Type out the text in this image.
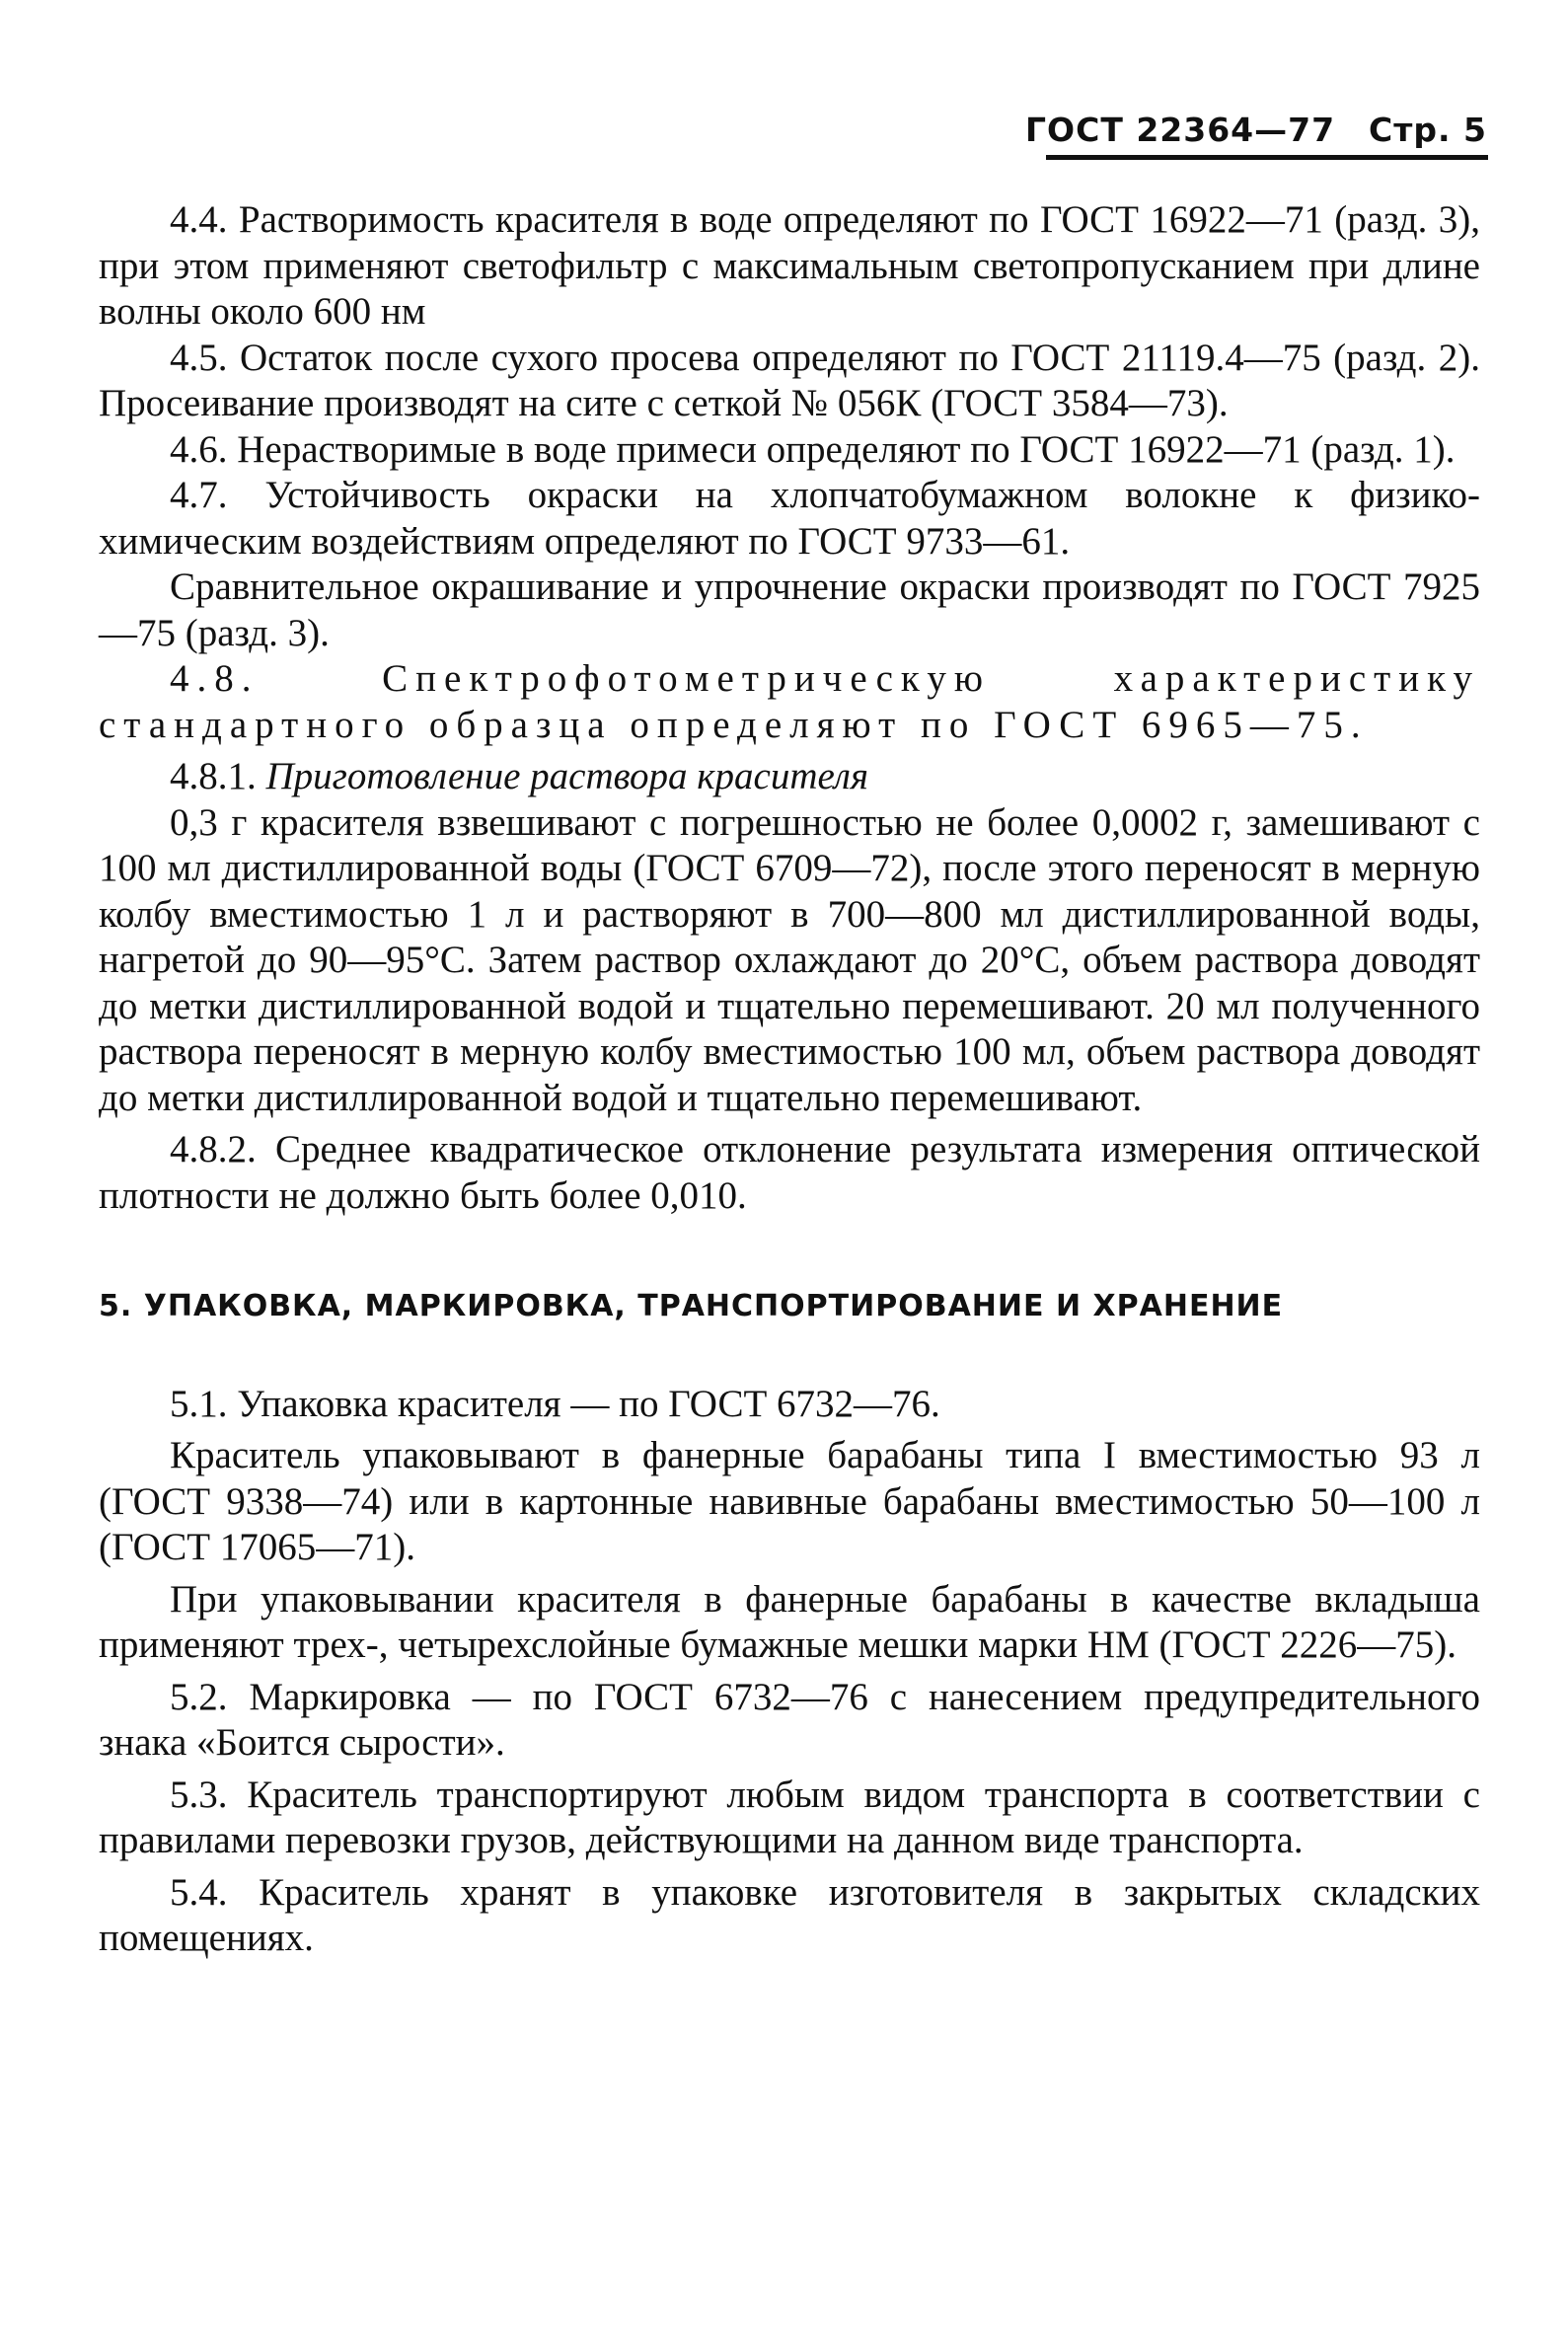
ГОСТ 22364—77 Стр. 5

4.4. Растворимость красителя в воде определяют по ГОСТ 16922—71 (разд. 3), при этом применяют светофильтр с максимальным светопропусканием при длине волны около 600 нм

4.5. Остаток после сухого просева определяют по ГОСТ 21119.4—75 (разд. 2). Просеивание производят на сите с сеткой № 056К (ГОСТ 3584—73).

4.6. Нерастворимые в воде примеси определяют по ГОСТ 16922—71 (разд. 1).

4.7. Устойчивость окраски на хлопчатобумажном волокне к физико-химическим воздействиям определяют по ГОСТ 9733—61.

Сравнительное окрашивание и упрочнение окраски производят по ГОСТ 7925—75 (разд. 3).

4.8. Спектрофотометрическую характеристику стандартного образца определяют по ГОСТ 6965—75.

4.8.1. Приготовление раствора красителя

0,3 г красителя взвешивают с погрешностью не более 0,0002 г, замешивают с 100 мл дистиллированной воды (ГОСТ 6709—72), после этого переносят в мерную колбу вместимостью 1 л и растворяют в 700—800 мл дистиллированной воды, нагретой до 90—95°С. Затем раствор охлаждают до 20°С, объем раствора доводят до метки дистиллированной водой и тщательно перемешивают. 20 мл полученного раствора переносят в мерную колбу вместимостью 100 мл, объем раствора доводят до метки дистиллированной водой и тщательно перемешивают.

4.8.2. Среднее квадратическое отклонение результата измерения оптической плотности не должно быть более 0,010.

5. УПАКОВКА, МАРКИРОВКА, ТРАНСПОРТИРОВАНИЕ И ХРАНЕНИЕ

5.1. Упаковка красителя — по ГОСТ 6732—76.

Краситель упаковывают в фанерные барабаны типа I вместимостью 93 л (ГОСТ 9338—74) или в картонные навивные барабаны вместимостью 50—100 л (ГОСТ 17065—71).

При упаковывании красителя в фанерные барабаны в качестве вкладыша применяют трех-, четырехслойные бумажные мешки марки НМ (ГОСТ 2226—75).

5.2. Маркировка — по ГОСТ 6732—76 с нанесением предупредительного знака «Боится сырости».

5.3. Краситель транспортируют любым видом транспорта в соответствии с правилами перевозки грузов, действующими на данном виде транспорта.

5.4. Краситель хранят в упаковке изготовителя в закрытых складских помещениях.
